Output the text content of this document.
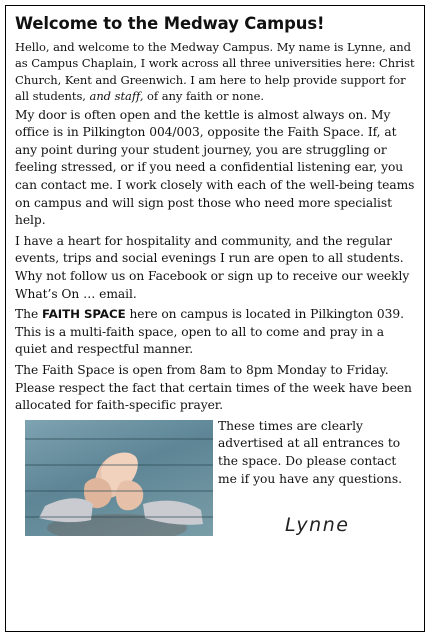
Welcome to the Medway Campus!

Hello, and welcome to the Medway Campus. My name is Lynne, and as Campus Chaplain, I work across all three universities here: Christ Church, Kent and Greenwich. I am here to help provide support for all students, and staff, of any faith or none.

My door is often open and the kettle is almost always on. My office is in Pilkington 004/003, opposite the Faith Space. If, at any point during your student journey, you are struggling or feeling stressed, or if you need a confidential listening ear, you can contact me. I work closely with each of the well-being teams on campus and will sign post those who need more specialist help.

I have a heart for hospitality and community, and the regular events, trips and social evenings I run are open to all students. Why not follow us on Facebook or sign up to receive our weekly What’s On … email.

The FAITH SPACE here on campus is located in Pilkington 039. This is a multi-faith space, open to all to come and pray in a quiet and respectful manner.

The Faith Space is open from 8am to 8pm Monday to Friday. Please respect the fact that certain times of the week have been allocated for faith-specific prayer.

These times are clearly advertised at all entrances to the space. Do please contact me if you have any questions.

Lynne
